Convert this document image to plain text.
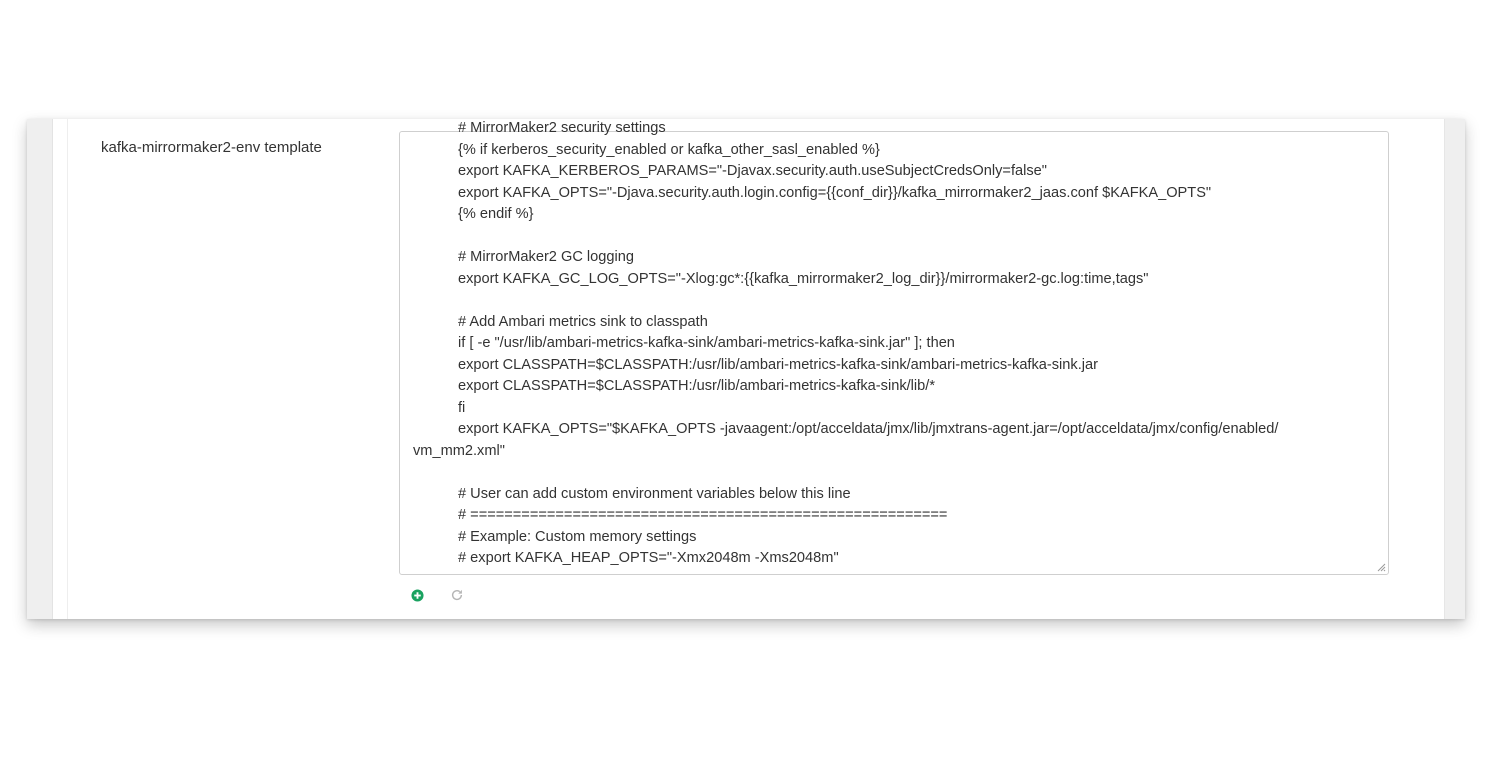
kafka-mirrormaker2-env template
# MirrorMaker2 security settings
{% if kerberos_security_enabled or kafka_other_sasl_enabled %}
export KAFKA_KERBEROS_PARAMS="-Djavax.security.auth.useSubjectCredsOnly=false"
export KAFKA_OPTS="-Djava.security.auth.login.config={{conf_dir}}/kafka_mirrormaker2_jaas.conf $KAFKA_OPTS"
{% endif %}
# MirrorMaker2 GC logging
export KAFKA_GC_LOG_OPTS="-Xlog:gc*:{{kafka_mirrormaker2_log_dir}}/mirrormaker2-gc.log:time,tags"
# Add Ambari metrics sink to classpath
if [ -e "/usr/lib/ambari-metrics-kafka-sink/ambari-metrics-kafka-sink.jar" ]; then
export CLASSPATH=$CLASSPATH:/usr/lib/ambari-metrics-kafka-sink/ambari-metrics-kafka-sink.jar
export CLASSPATH=$CLASSPATH:/usr/lib/ambari-metrics-kafka-sink/lib/*
fi
export KAFKA_OPTS="$KAFKA_OPTS -javaagent:/opt/acceldata/jmx/lib/jmxtrans-agent.jar=/opt/acceldata/jmx/config/enabled/
vm_mm2.xml"
# User can add custom environment variables below this line
# ========================================================
# Example: Custom memory settings
# export KAFKA_HEAP_OPTS="-Xmx2048m -Xms2048m"
